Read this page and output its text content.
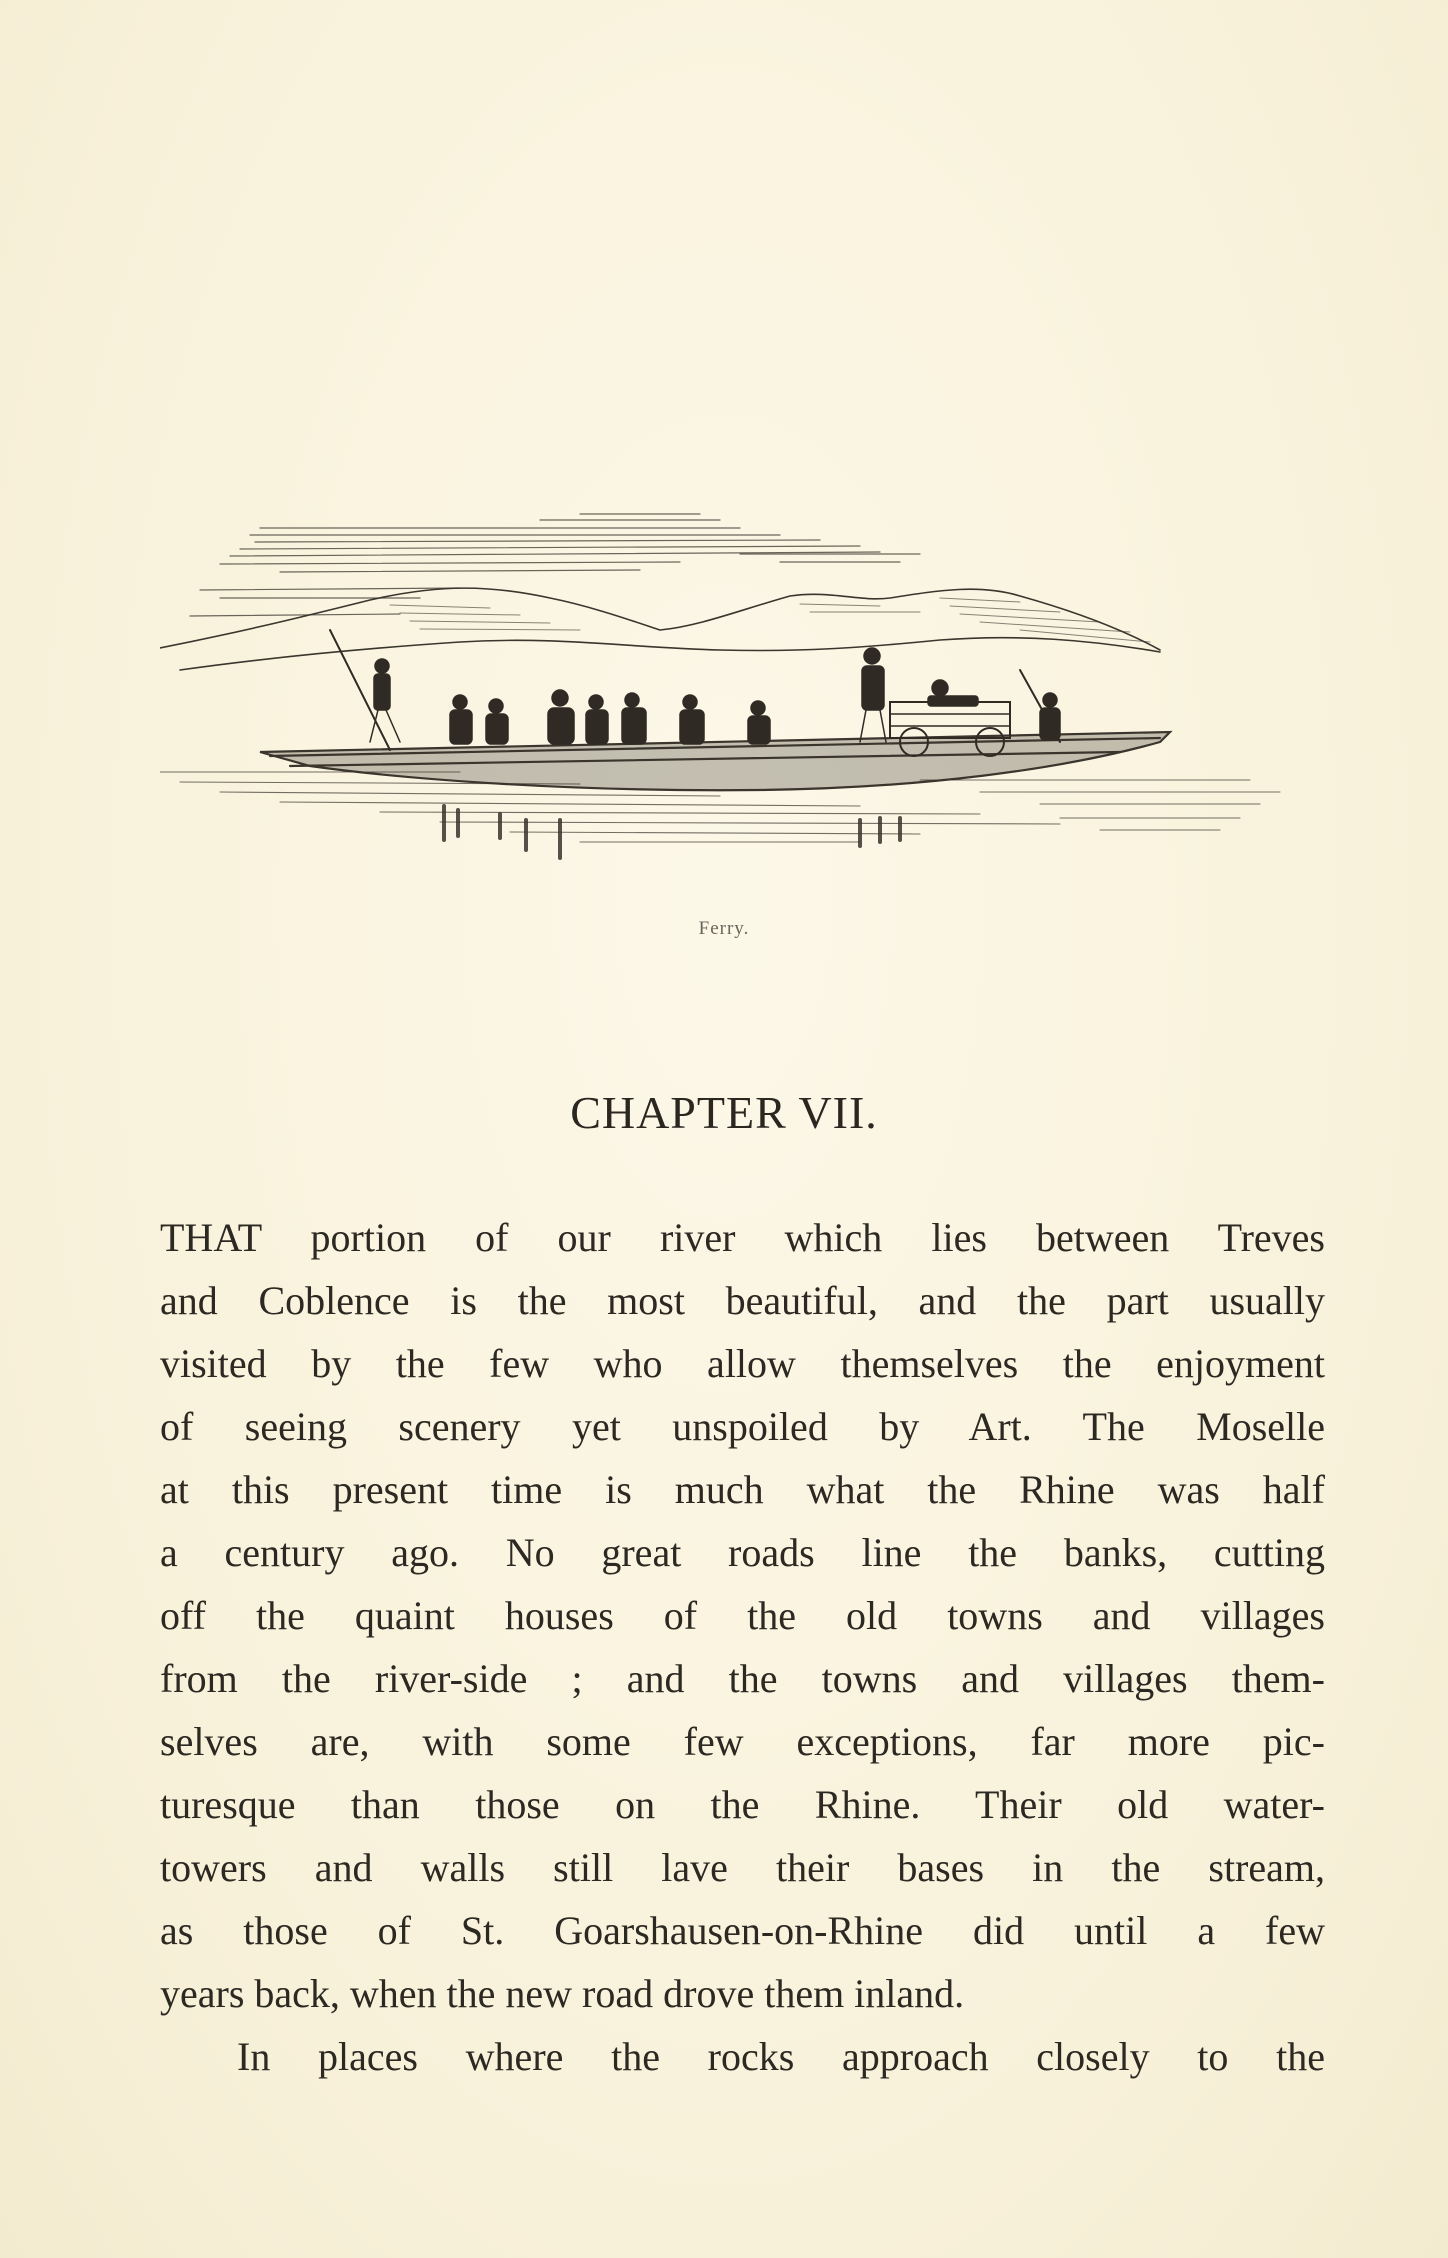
Ferry.
CHAPTER VII.
THAT portion of our river which lies between Treves
and Coblence is the most beautiful, and the part usually
visited by the few who allow themselves the enjoyment
of seeing scenery yet unspoiled by Art. The Moselle
at this present time is much what the Rhine was half
a century ago. No great roads line the banks, cutting
off the quaint houses of the old towns and villages
from the river-side ; and the towns and villages them-
selves are, with some few exceptions, far more pic-
turesque than those on the Rhine. Their old water-
towers and walls still lave their bases in the stream,
as those of St. Goarshausen-on-Rhine did until a few
years back, when the new road drove them inland.
In places where the rocks approach closely to the
